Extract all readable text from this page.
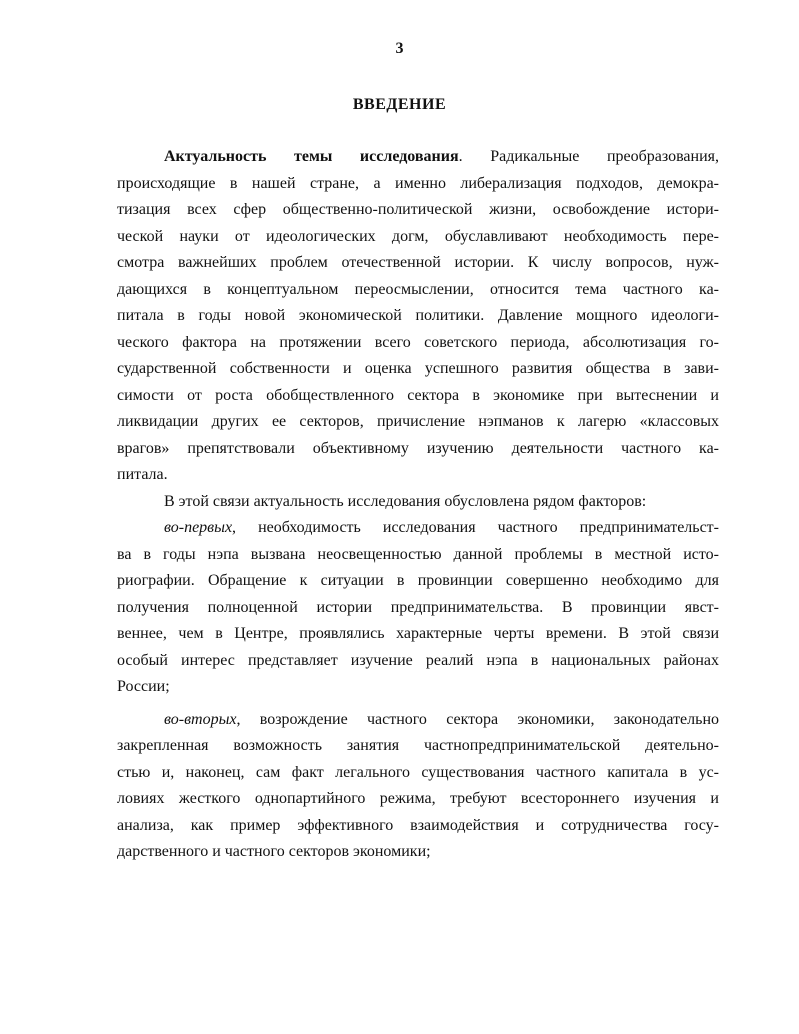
3
ВВЕДЕНИЕ
Актуальность темы исследования. Радикальные преобразования,
происходящие в нашей стране, а именно либерализация подходов, демокра-
тизация всех сфер общественно-политической жизни, освобождение истори-
ческой науки от идеологических догм, обуславливают необходимость пере-
смотра важнейших проблем отечественной истории. К числу вопросов, нуж-
дающихся в концептуальном переосмыслении, относится тема частного ка-
питала в годы новой экономической политики. Давление мощного идеологи-
ческого фактора на протяжении всего советского периода, абсолютизация го-
сударственной собственности и оценка успешного развития общества в зави-
симости от роста обобществленного сектора в экономике при вытеснении и
ликвидации других ее секторов, причисление нэпманов к лагерю «классовых
врагов» препятствовали объективному изучению деятельности частного ка-
питала.
В этой связи актуальность исследования обусловлена рядом факторов:
во-первых, необходимость исследования частного предпринимательст-
ва в годы нэпа вызвана неосвещенностью данной проблемы в местной исто-
риографии. Обращение к ситуации в провинции совершенно необходимо для
получения полноценной истории предпринимательства. В провинции явст-
веннее, чем в Центре, проявлялись характерные черты времени. В этой связи
особый интерес представляет изучение реалий нэпа в национальных районах
России;
во-вторых, возрождение частного сектора экономики, законодательно
закрепленная возможность занятия частнопредпринимательской деятельно-
стью и, наконец, сам факт легального существования частного капитала в ус-
ловиях жесткого однопартийного режима, требуют всестороннего изучения и
анализа, как пример эффективного взаимодействия и сотрудничества госу-
дарственного и частного секторов экономики;
